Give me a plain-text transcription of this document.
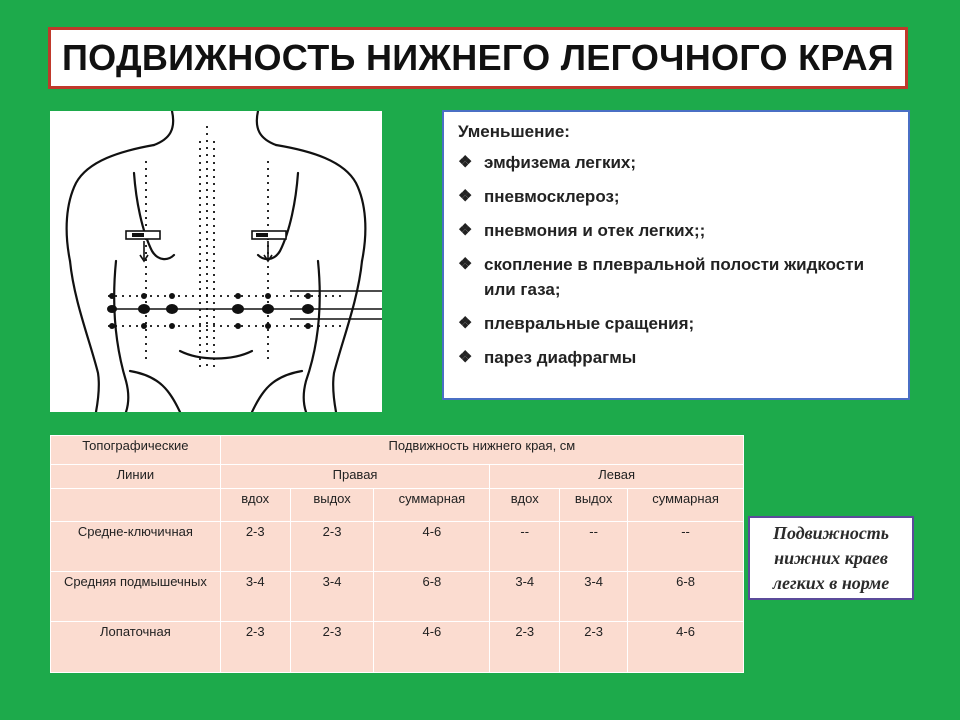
ПОДВИЖНОСТЬ НИЖНЕГО ЛЕГОЧНОГО КРАЯ
Уменьшение:
❖ эмфизема легких;
❖ пневмосклероз;
❖ пневмония и отек легких;;
❖ скопление в плевральной полости жидкости или газа;
❖ плевральные сращения;
❖ парез диафрагмы
Топографические	Подвижность нижнего края, см					
Линии	Правая			Левая		
	вдох	выдох	суммарная	вдох	выдох	суммарная
Средне-ключичная	2-3	2-3	4-6	--	--	--
Средняя подмышечных	3-4	3-4	6-8	3-4	3-4	6-8
Лопаточная	2-3	2-3	4-6	2-3	2-3	4-6
Подвижность нижних краев легких в норме
